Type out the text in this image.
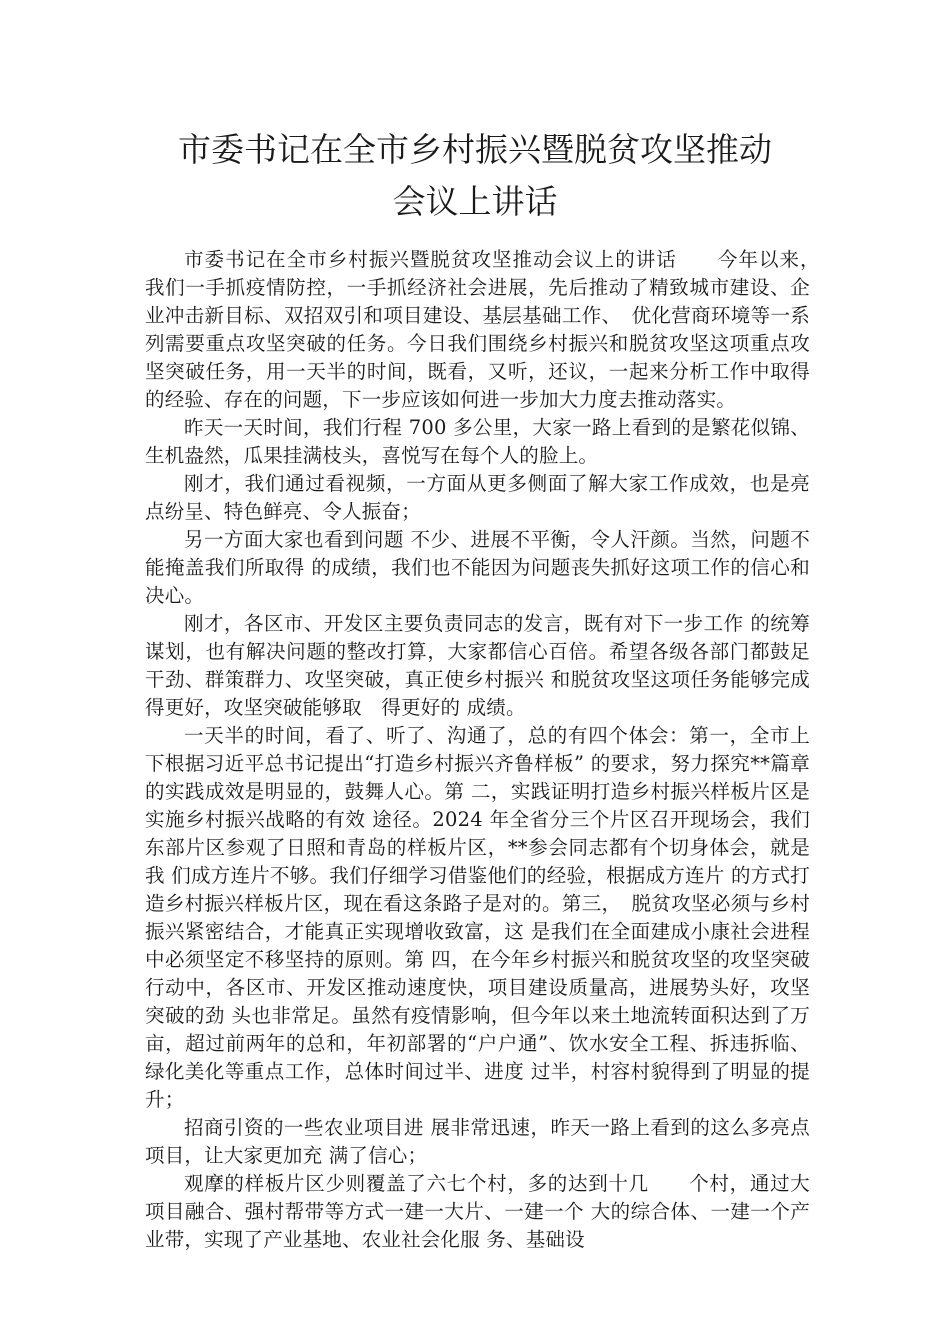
市委书记在全市乡村振兴暨脱贫攻坚推动
会议上讲话

市委书记在全市乡村振兴暨脱贫攻坚推动会议上的讲话　　今年以来，　我们一手抓疫情防控，一手抓经济社会进展，先后推动了精致城市建设、企业冲击新目标、双招双引和项目建设、基层基础工作、　优化营商环境等一系列需要重点攻坚突破的任务。今日我们围绕乡村振兴和脱贫攻坚这项重点攻坚突破任务，用一天半的时间，既看，又听，还议，一起来分析工作中取得的经验、存在的问题，下一步应该如何进一步加大力度去推动落实。

昨天一天时间，我们行程 700 多公里，大家一路上看到的是繁花似锦、生机盎然，瓜果挂满枝头，喜悦写在每个人的脸上。

刚才，我们通过看视频，一方面从更多侧面了解大家工作成效，也是亮点纷呈、特色鲜亮、令人振奋；

另一方面大家也看到问题 不少、进展不平衡，令人汗颜。当然，问题不能掩盖我们所取得 的成绩，我们也不能因为问题丧失抓好这项工作的信心和决心。

刚才，各区市、开发区主要负责同志的发言，既有对下一步工作 的统筹谋划，也有解决问题的整改打算，大家都信心百倍。希望各级各部门都鼓足干劲、群策群力、攻坚突破，真正使乡村振兴 和脱贫攻坚这项任务能够完成得更好，攻坚突破能够取　得更好的 成绩。

一天半的时间，看了、听了、沟通了，总的有四个体会：第一，全市上下根据习近平总书记提出“打造乡村振兴齐鲁样板” 的要求，努力探究**篇章的实践成效是明显的，鼓舞人心。第 二，实践证明打造乡村振兴样板片区是实施乡村振兴战略的有效 途径。2024 年全省分三个片区召开现场会，我们东部片区参观了日照和青岛的样板片区，**参会同志都有个切身体会，就是我 们成方连片不够。我们仔细学习借鉴他们的经验，根据成方连片 的方式打造乡村振兴样板片区，现在看这条路子是对的。第三，　脱贫攻坚必须与乡村振兴紧密结合，才能真正实现增收致富，这 是我们在全面建成小康社会进程中必须坚定不移坚持的原则。第 四，在今年乡村振兴和脱贫攻坚的攻坚突破行动中，各区市、开发区推动速度快，项目建设质量高，进展势头好，攻坚突破的劲 头也非常足。虽然有疫情影响，但今年以来土地流转面积达到了万亩，超过前两年的总和，年初部署的“户户通”、饮水安全工程、拆违拆临、绿化美化等重点工作，总体时间过半、进度 过半，村容村貌得到了明显的提升；

招商引资的一些农业项目进 展非常迅速，昨天一路上看到的这么多亮点项目，让大家更加充 满了信心；

观摩的样板片区少则覆盖了六七个村，多的达到十几　　个村，通过大项目融合、强村帮带等方式一建一大片、一建一个 大的综合体、一建一个产业带，实现了产业基地、农业社会化服 务、基础设
